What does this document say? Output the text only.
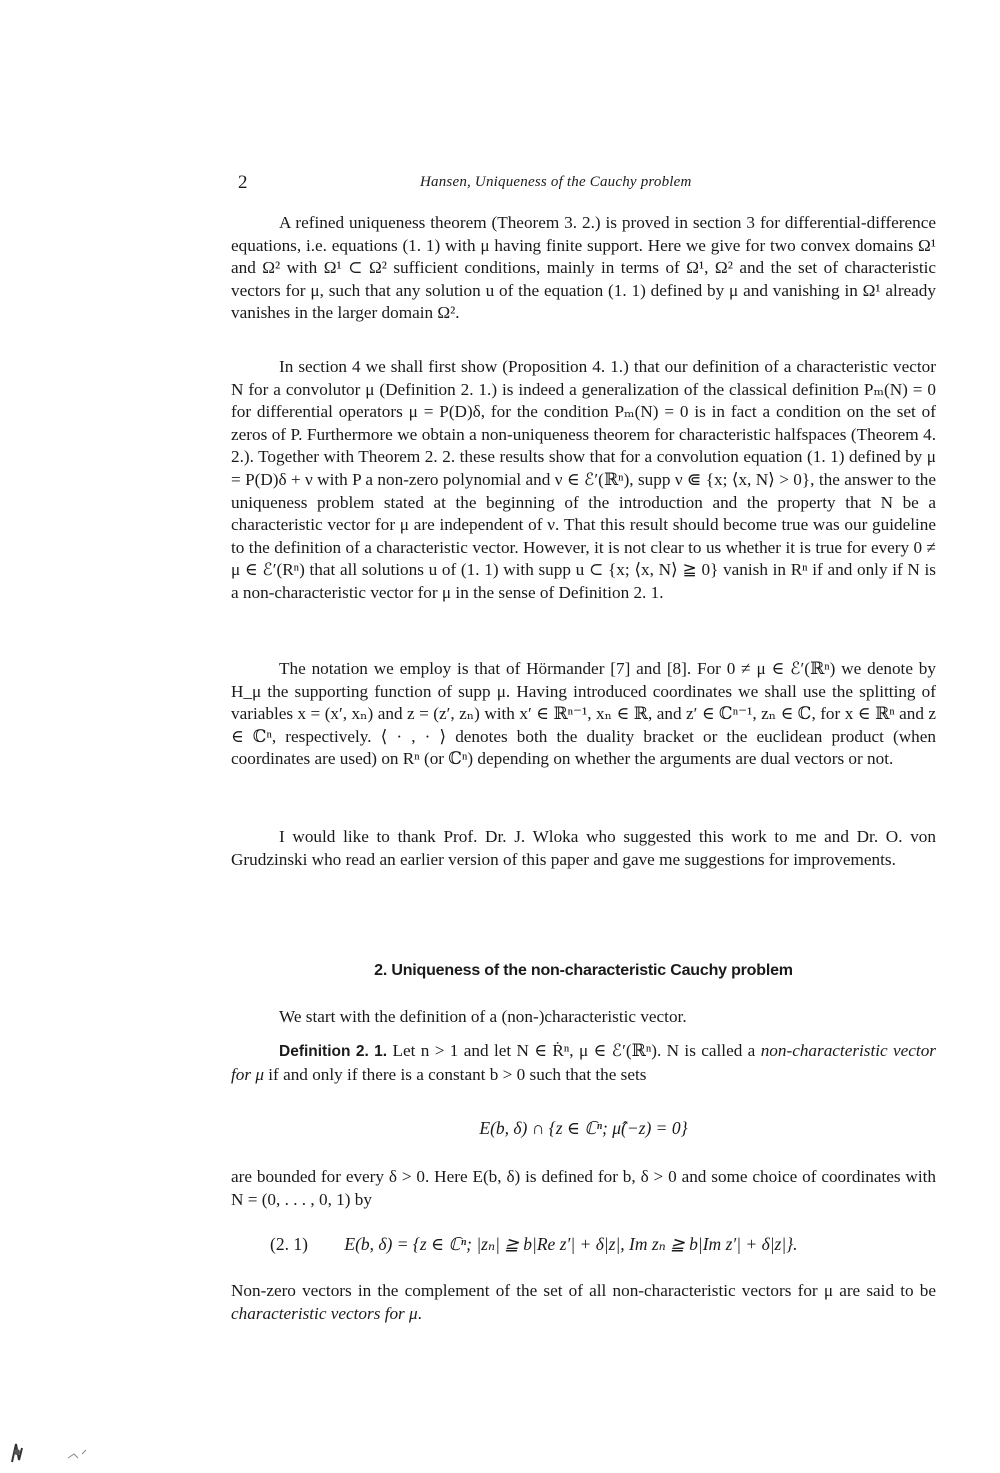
2	Hansen, Uniqueness of the Cauchy problem

A refined uniqueness theorem (Theorem 3. 2.) is proved in section 3 for differential-difference equations, i.e. equations (1. 1) with μ having finite support. Here we give for two convex domains Ω¹ and Ω² with Ω¹ ⊂ Ω² sufficient conditions, mainly in terms of Ω¹, Ω² and the set of characteristic vectors for μ, such that any solution u of the equation (1. 1) defined by μ and vanishing in Ω¹ already vanishes in the larger domain Ω².

In section 4 we shall first show (Proposition 4. 1.) that our definition of a characteristic vector N for a convolutor μ (Definition 2. 1.) is indeed a generalization of the classical definition Pₘ(N) = 0 for differential operators μ = P(D)δ, for the condition Pₘ(N) = 0 is in fact a condition on the set of zeros of P. Furthermore we obtain a non-uniqueness theorem for characteristic halfspaces (Theorem 4. 2.). Together with Theorem 2. 2. these results show that for a convolution equation (1. 1) defined by μ = P(D)δ + ν with P a non-zero polynomial and ν ∈ ℰ′(ℝⁿ), supp ν ⋐ {x; ⟨x, N⟩ > 0}, the answer to the uniqueness problem stated at the beginning of the introduction and the property that N be a characteristic vector for μ are independent of ν. That this result should become true was our guideline to the definition of a characteristic vector. However, it is not clear to us whether it is true for every 0 ≠ μ ∈ ℰ′(Rⁿ) that all solutions u of (1. 1) with supp u ⊂ {x; ⟨x, N⟩ ≧ 0} vanish in Rⁿ if and only if N is a non-characteristic vector for μ in the sense of Definition 2. 1.

The notation we employ is that of Hörmander [7] and [8]. For 0 ≠ μ ∈ ℰ′(ℝⁿ) we denote by H_μ the supporting function of supp μ. Having introduced coordinates we shall use the splitting of variables x = (x′, xₙ) and z = (z′, zₙ) with x′ ∈ ℝⁿ⁻¹, xₙ ∈ ℝ, and z′ ∈ ℂⁿ⁻¹, zₙ ∈ ℂ, for x ∈ ℝⁿ and z ∈ ℂⁿ, respectively. ⟨ · , · ⟩ denotes both the duality bracket or the euclidean product (when coordinates are used) on Rⁿ (or ℂⁿ) depending on whether the arguments are dual vectors or not.

I would like to thank Prof. Dr. J. Wloka who suggested this work to me and Dr. O. von Grudzinski who read an earlier version of this paper and gave me suggestions for improvements.

2. Uniqueness of the non-characteristic Cauchy problem

We start with the definition of a (non-)characteristic vector.

Definition 2. 1. Let n > 1 and let N ∈ Ṙⁿ, μ ∈ ℰ′(ℝⁿ). N is called a non-characteristic vector for μ if and only if there is a constant b > 0 such that the sets

E(b, δ) ∩ {z ∈ ℂⁿ; μ̂(−z) = 0}

are bounded for every δ > 0. Here E(b, δ) is defined for b, δ > 0 and some choice of coordinates with N = (0, . . . , 0, 1) by

(2. 1) E(b, δ) = {z ∈ ℂⁿ; |zₙ| ≧ b|Re z′| + δ|z|, Im zₙ ≧ b|Im z′| + δ|z|}.

Non-zero vectors in the complement of the set of all non-characteristic vectors for μ are said to be characteristic vectors for μ.
